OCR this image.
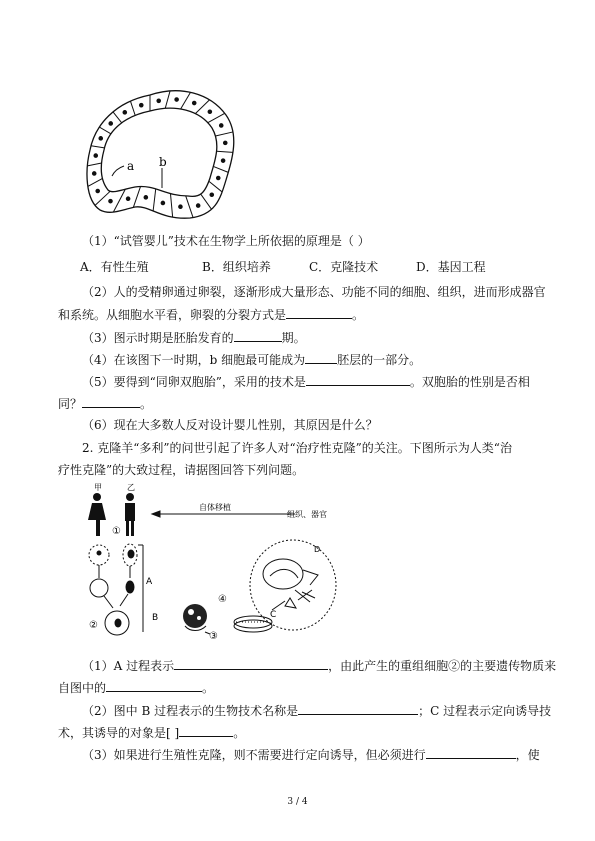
a b
（1）“试管婴儿”技术在生物学上所依据的原理是（ ）
A．有性生殖	B．组织培养	C．克隆技术	D．基因工程
（2）人的受精卵通过卵裂，逐渐形成大量形态、功能不同的细胞、组织，进而形成器官
和系统。从细胞水平看，卵裂的分裂方式是	。
（3）图示时期是胚胎发育的	期。
（4）在该图下一时期，b 细胞最可能成为	胚层的一部分。
（5）要得到“同卵双胞胎”，采用的技术是	。双胞胎的性别是否相
同？	。
（6）现在大多数人反对设计婴儿性别，其原因是什么？
2. 克隆羊“多利”的问世引起了许多人对“治疗性克隆”的关注。下图所示为人类“治
疗性克隆”的大致过程，请据图回答下列问题。
甲	乙
自体移植
组织、器官
①
A
B
②
④
③
C
D
（1）A 过程表示	，由此产生的重组细胞②的主要遗传物质来
自图中的	。
（2）图中 B 过程表示的生物技术名称是	；C 过程表示定向诱导技
术，其诱导的对象是[ ]	。
（3）如果进行生殖性克隆，则不需要进行定向诱导，但必须进行	，使
3 / 4
